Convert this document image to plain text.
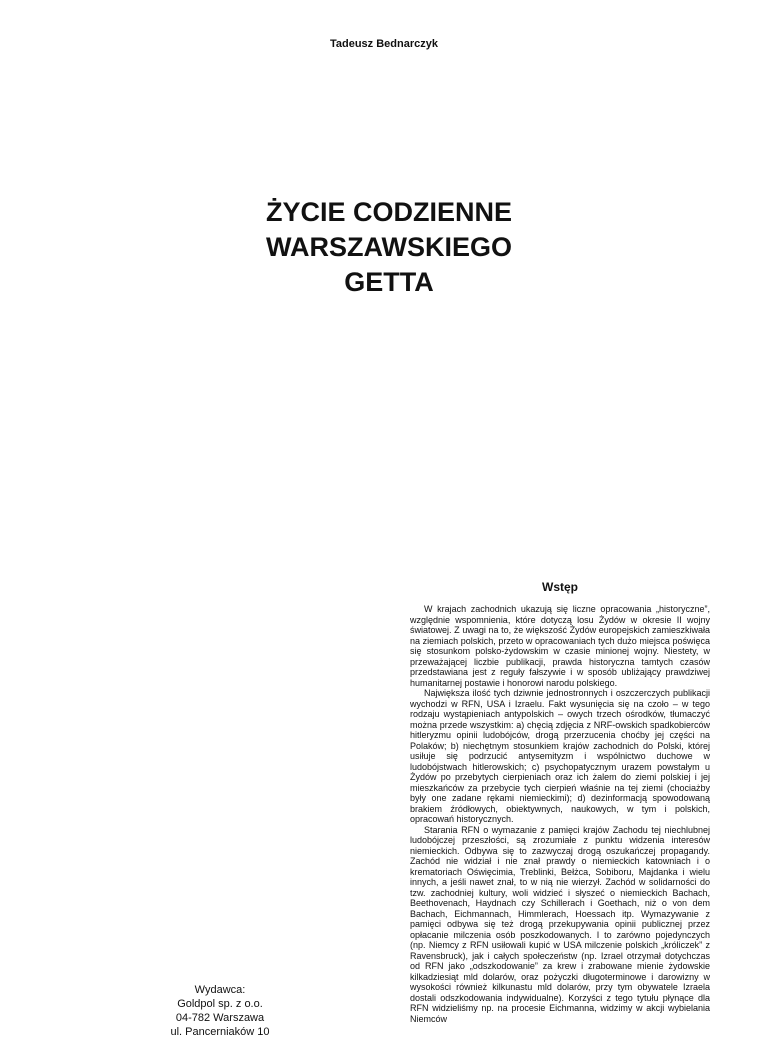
Tadeusz Bednarczyk
ŻYCIE CODZIENNE
WARSZAWSKIEGO
GETTA
Wydawca:
Goldpol sp. z o.o.
04-782 Warszawa
ul. Pancerniaków 10
Wstęp

W krajach zachodnich ukazują się liczne opracowania „historyczne”, względnie wspomnienia, które dotyczą losu Żydów w okresie II wojny światowej. Z uwagi na to, że większość Żydów europejskich zamieszkiwała na ziemiach polskich, przeto w opracowaniach tych dużo miejsca poświęca się stosunkom polsko-żydowskim w czasie minionej wojny. Niestety, w przeważającej liczbie publikacji, prawda historyczna tamtych czasów przedstawiana jest z reguły fałszywie i w sposób ubliżający prawdziwej humanitarnej postawie i honorowi narodu polskiego.

Największa ilość tych dziwnie jednostronnych i oszczerczych publikacji wychodzi w RFN, USA i Izraelu. Fakt wysunięcia się na czoło – w tego rodzaju wystąpieniach antypolskich – owych trzech ośrodków, tłumaczyć można przede wszystkim: a) chęcią zdjęcia z NRF-owskich spadkobierców hitleryzmu opinii ludobójców, drogą przerzucenia choćby jej części na Polaków; b) niechętnym stosunkiem krajów zachodnich do Polski, której usiłuje się podrzucić antysemityzm i wspólnictwo duchowe w ludobójstwach hitlerowskich; c) psychopatycznym urazem powstałym u Żydów po przebytych cierpieniach oraz ich żalem do ziemi polskiej i jej mieszkańców za przebycie tych cierpień właśnie na tej ziemi (chociażby były one zadane rękami niemieckimi); d) dezinformacją spowodowaną brakiem źródłowych, obiektywnych, naukowych, w tym i polskich, opracowań historycznych.

Starania RFN o wymazanie z pamięci krajów Zachodu tej niechlubnej ludobójczej przeszłości, są zrozumiałe z punktu widzenia interesów niemieckich. Odbywa się to zazwyczaj drogą oszukańczej propagandy. Zachód nie widział i nie znał prawdy o niemieckich katowniach i o krematoriach Oświęcimia, Treblinki, Bełżca, Sobiboru, Majdanka i wielu innych, a jeśli nawet znał, to w nią nie wierzył. Zachód w solidarności do tzw. zachodniej kultury, woli widzieć i słyszeć o niemieckich Bachach, Beethovenach, Haydnach czy Schillerach i Goethach, niż o von dem Bachach, Eichmannach, Himmlerach, Hoessach itp. Wymazywanie z pamięci odbywa się też drogą przekupywania opinii publicznej przez opłacanie milczenia osób poszkodowanych. I to zarówno pojedynczych (np. Niemcy z RFN usiłowali kupić w USA milczenie polskich „króliczek” z Ravensbruck), jak i całych społeczeństw (np. Izrael otrzymał dotychczas od RFN jako „odszkodowanie” za krew i zrabowane mienie żydowskie kilkadziesiąt mld dolarów, oraz pożyczki długoterminowe i darowizny w wysokości również kilkunastu mld dolarów, przy tym obywatele Izraela dostali odszkodowania indywidualne). Korzyści z tego tytułu płynące dla RFN widzieliśmy np. na procesie Eichmanna, widzimy w akcji wybielania Niemców
